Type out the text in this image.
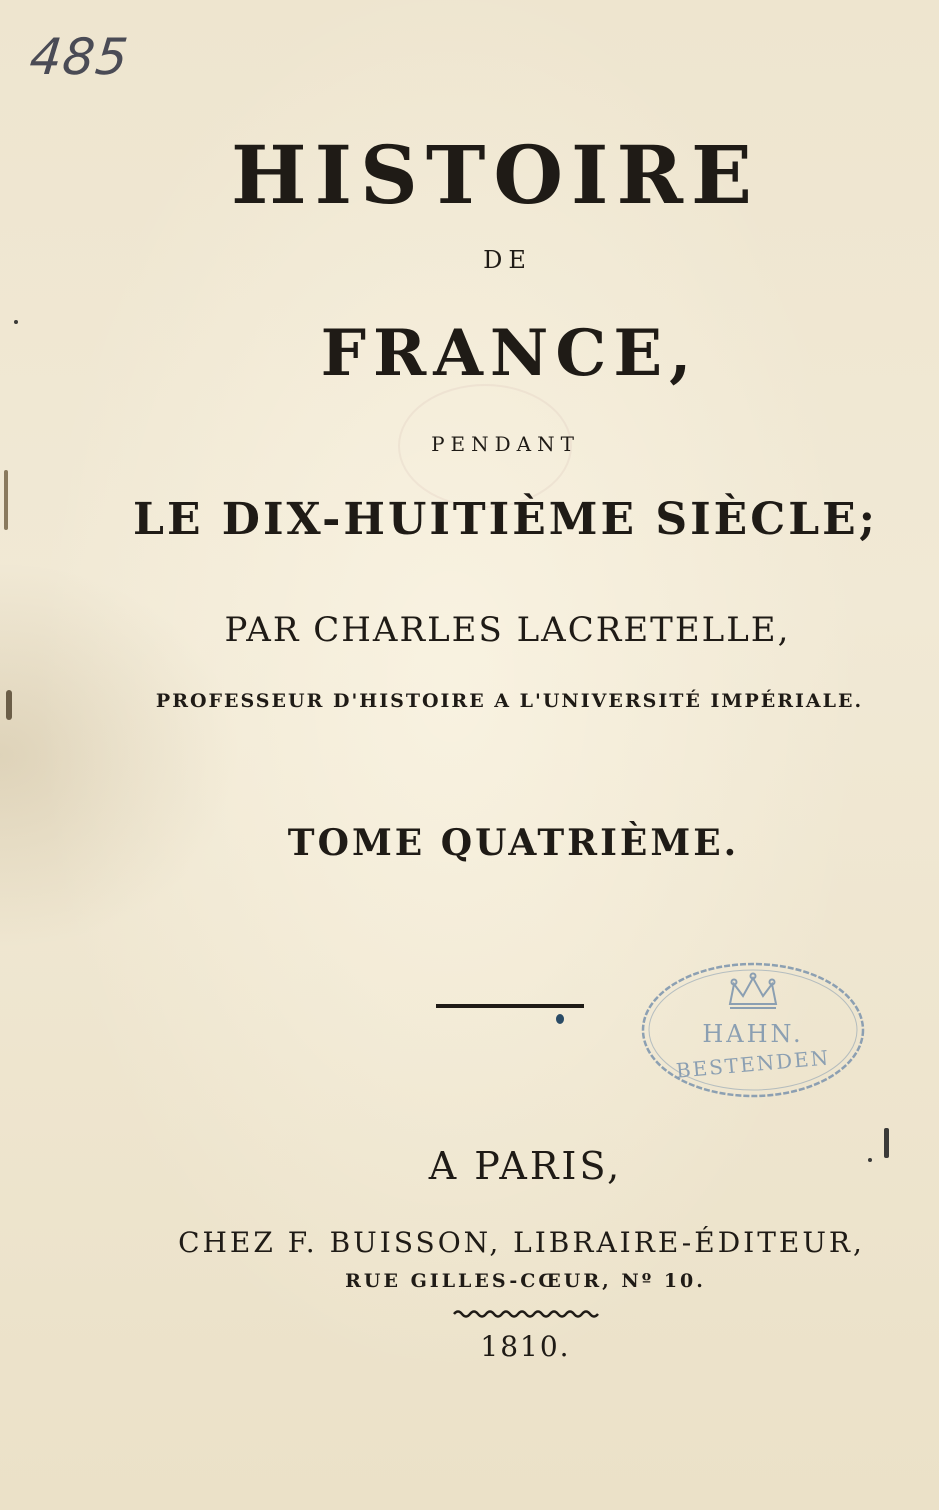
485
HISTOIRE
DE
FRANCE,
PENDANT
LE DIX-HUITIÈME SIÈCLE;
PAR CHARLES LACRETELLE,
PROFESSEUR D'HISTOIRE A L'UNIVERSITÉ IMPÉRIALE.
TOME QUATRIÈME.
HAHN.
BESTENDEN
A PARIS,
CHEZ F. BUISSON, LIBRAIRE-ÉDITEUR,
RUE GILLES-CŒUR, Nº 10.
1810.
